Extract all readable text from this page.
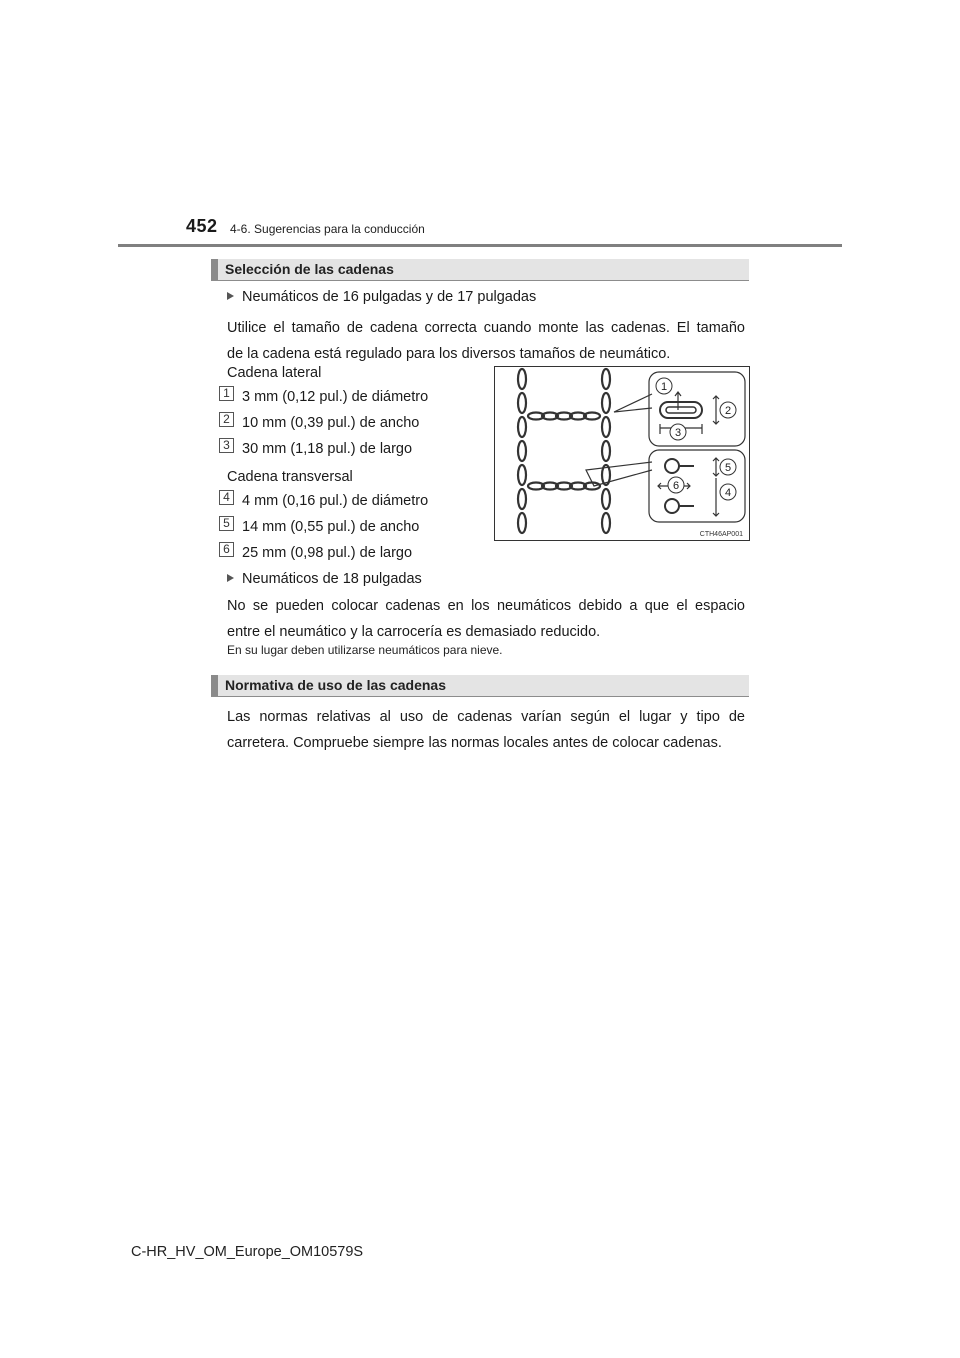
452 4-6. Sugerencias para la conducción
Selección de las cadenas
Neumáticos de 16 pulgadas y de 17 pulgadas
Utilice el tamaño de cadena correcta cuando monte las cadenas. El tamaño
de la cadena está regulado para los diversos tamaños de neumático.
Cadena lateral
1 3 mm (0,12 pul.) de diámetro
2 10 mm (0,39 pul.) de ancho
3 30 mm (1,18 pul.) de largo
Cadena transversal
4 4 mm (0,16 pul.) de diámetro
5 14 mm (0,55 pul.) de ancho
6 25 mm (0,98 pul.) de largo
Neumáticos de 18 pulgadas
No se pueden colocar cadenas en los neumáticos debido a que el espacio
entre el neumático y la carrocería es demasiado reducido.
En su lugar deben utilizarse neumáticos para nieve.
1
2
3
4
5
6
CTH46AP001
Normativa de uso de las cadenas
Las normas relativas al uso de cadenas varían según el lugar y tipo de
carretera. Compruebe siempre las normas locales antes de colocar cadenas.
C-HR_HV_OM_Europe_OM10579S
